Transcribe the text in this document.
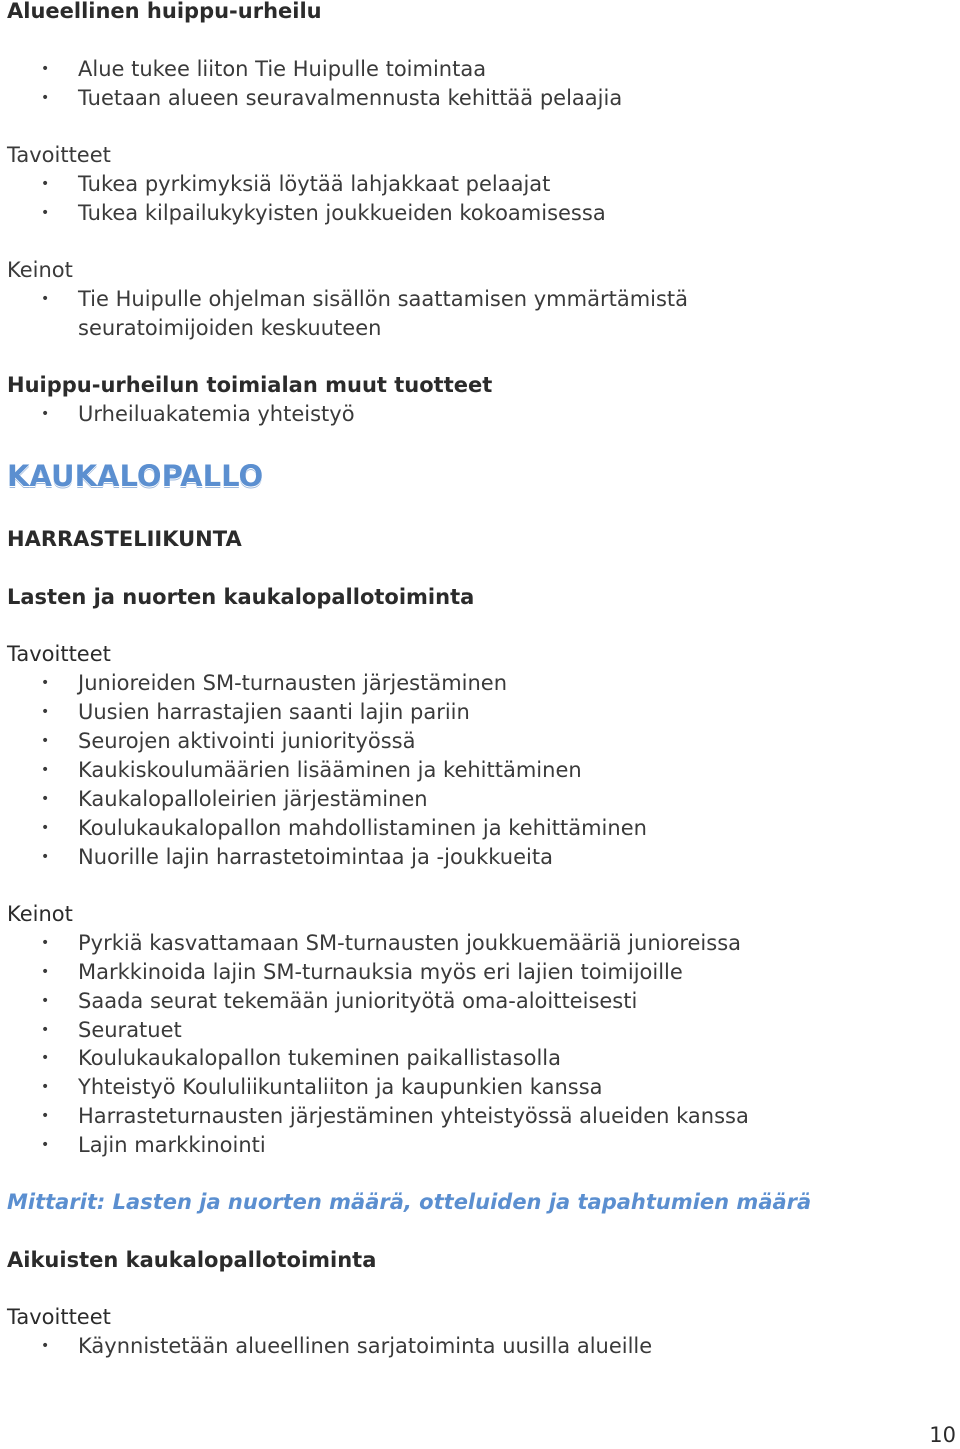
Alueellinen huippu-urheilu
• Alue tukee liiton Tie Huipulle toimintaa
• Tuetaan alueen seuravalmennusta kehittää pelaajia
Tavoitteet
• Tukea pyrkimyksiä löytää lahjakkaat pelaajat
• Tukea kilpailukykyisten joukkueiden kokoamisessa
Keinot
• Tie Huipulle ohjelman sisällön saattamisen ymmärtämistä
seuratoimijoiden keskuuteen
Huippu-urheilun toimialan muut tuotteet
• Urheiluakatemia yhteistyö
KAUKALOPALLO
HARRASTELIIKUNTA
Lasten ja nuorten kaukalopallotoiminta
Tavoitteet
• Junioreiden SM-turnausten järjestäminen
• Uusien harrastajien saanti lajin pariin
• Seurojen aktivointi juniorityössä
• Kaukiskoulumäärien lisääminen ja kehittäminen
• Kaukalopalloleirien järjestäminen
• Koulukaukalopallon mahdollistaminen ja kehittäminen
• Nuorille lajin harrastetoimintaa ja -joukkueita
Keinot
• Pyrkiä kasvattamaan SM-turnausten joukkuemääriä junioreissa
• Markkinoida lajin SM-turnauksia myös eri lajien toimijoille
• Saada seurat tekemään juniorityötä oma-aloitteisesti
• Seuratuet
• Koulukaukalopallon tukeminen paikallistasolla
• Yhteistyö Koululiikuntaliiton ja kaupunkien kanssa
• Harrasteturnausten järjestäminen yhteistyössä alueiden kanssa
• Lajin markkinointi
Mittarit: Lasten ja nuorten määrä, otteluiden ja tapahtumien määrä
Aikuisten kaukalopallotoiminta
Tavoitteet
• Käynnistetään alueellinen sarjatoiminta uusilla alueille
10
